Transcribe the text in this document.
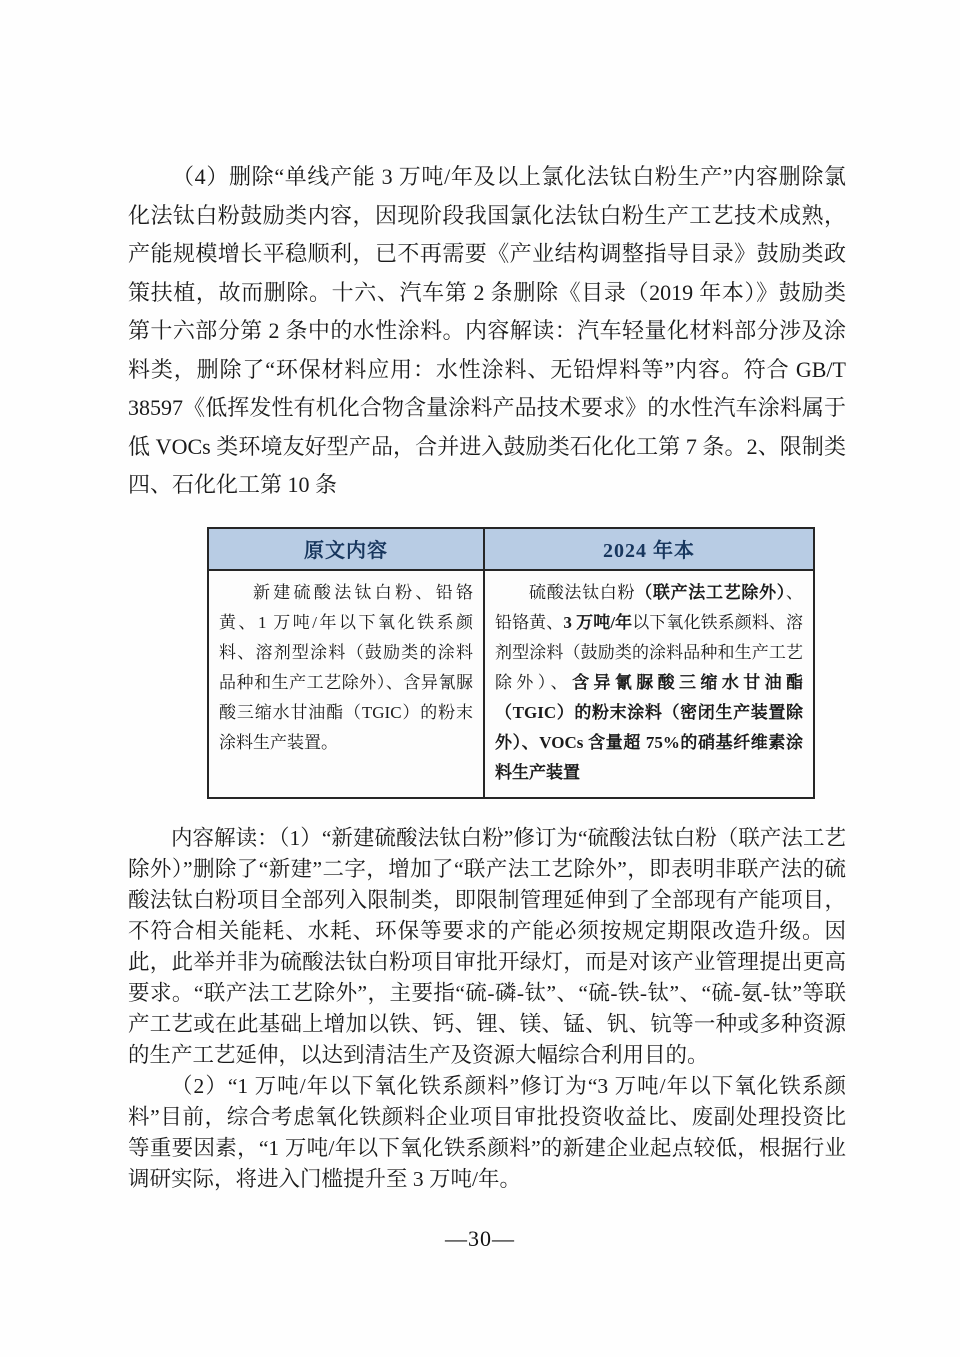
（4）删除“单线产能 3 万吨/年及以上氯化法钛白粉生产”内容删除氯化法钛白粉鼓励类内容，因现阶段我国氯化法钛白粉生产工艺技术成熟，产能规模增长平稳顺利，已不再需要《产业结构调整指导目录》鼓励类政策扶植，故而删除。十六、汽车第 2 条删除《目录（2019 年本）》鼓励类第十六部分第 2 条中的水性涂料。内容解读：汽车轻量化材料部分涉及涂料类，删除了“环保材料应用：水性涂料、无铅焊料等”内容。符合 GB/T 38597《低挥发性有机化合物含量涂料产品技术要求》的水性汽车涂料属于低 VOCs 类环境友好型产品，合并进入鼓励类石化化工第 7 条。2、限制类四、石化化工第 10 条

原文内容	2024 年本

新建硫酸法钛白粉、铅铬黄、1 万吨/年以下氧化铁系颜料、溶剂型涂料（鼓励类的涂料品种和生产工艺除外）、含异氰脲酸三缩水甘油酯（TGIC）的粉末涂料生产装置。	硫酸法钛白粉（联产法工艺除外）、铅铬黄、3 万吨/年以下氧化铁系颜料、溶剂型涂料（鼓励类的涂料品种和生产工艺除外）、含异氰脲酸三缩水甘油酯（TGIC）的粉末涂料（密闭生产装置除外）、VOCs 含量超 75%的硝基纤维素涂料生产装置

内容解读：（1）“新建硫酸法钛白粉”修订为“硫酸法钛白粉（联产法工艺除外）”删除了“新建”二字，增加了“联产法工艺除外”，即表明非联产法的硫酸法钛白粉项目全部列入限制类，即限制管理延伸到了全部现有产能项目，不符合相关能耗、水耗、环保等要求的产能必须按规定期限改造升级。因此，此举并非为硫酸法钛白粉项目审批开绿灯，而是对该产业管理提出更高要求。“联产法工艺除外”，主要指“硫-磷-钛”、“硫-铁-钛”、“硫-氨-钛”等联产工艺或在此基础上增加以铁、钙、锂、镁、锰、钒、钪等一种或多种资源的生产工艺延伸，以达到清洁生产及资源大幅综合利用目的。

（2）“1 万吨/年以下氧化铁系颜料”修订为“3 万吨/年以下氧化铁系颜料”目前，综合考虑氧化铁颜料企业项目审批投资收益比、废副处理投资比等重要因素，“1 万吨/年以下氧化铁系颜料”的新建企业起点较低，根据行业调研实际，将进入门槛提升至 3 万吨/年。

—30—
